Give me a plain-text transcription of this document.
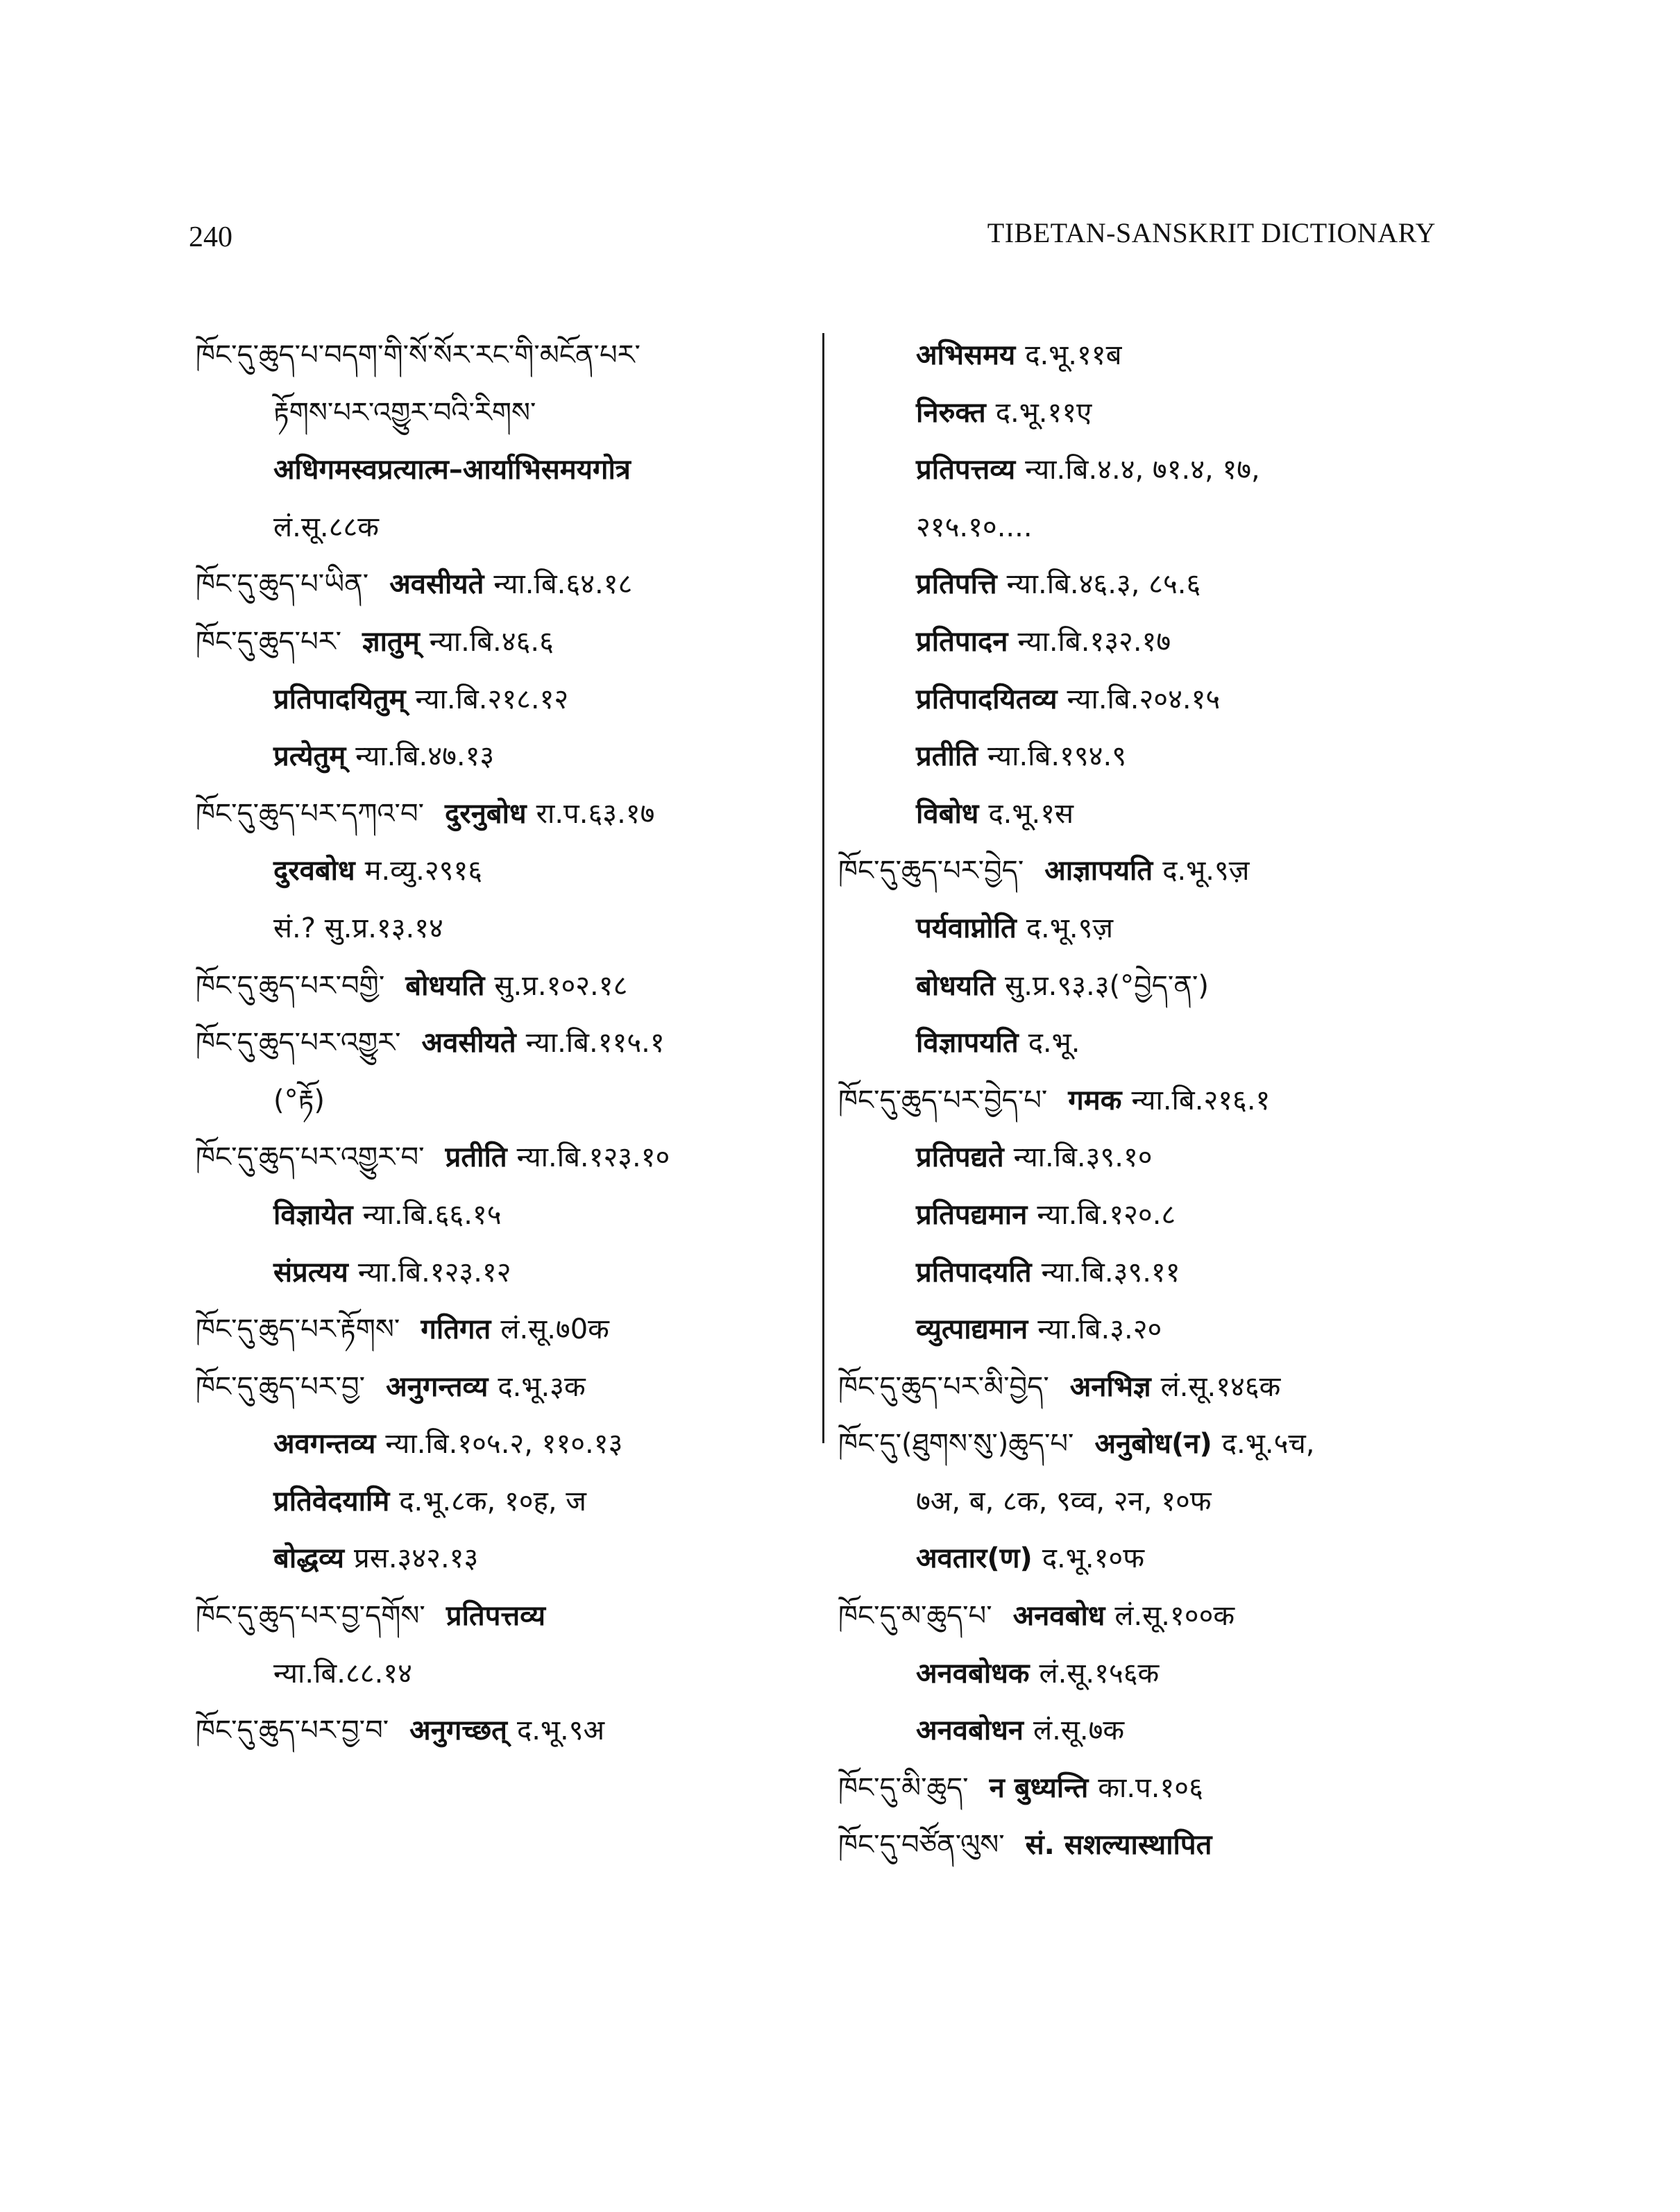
240	TIBETAN-SANSKRIT DICTIONARY
ཁོང་དུ་ཆུད་པ་བདག་གི་སོ་སོར་རང་གི་མངོན་པར་
རྟོགས་པར་འགྱུར་བའི་རིགས་
अधिगमस्वप्रत्यात्म–आर्याभिसमयगोत्र
लं.सू.८८क
ཁོང་དུ་ཆུད་པ་ཡིན་ अवसीयते न्या.बि.६४.१८
ཁོང་དུ་ཆུད་པར་ ज्ञातुम् न्या.बि.४६.६
प्रतिपादयितुम् न्या.बि.२१८.१२
प्रत्येतुम् न्या.बि.४७.१३
ཁོང་དུ་ཆུད་པར་དཀའ་བ་ दुरनुबोध रा.प.६३.१७
दुरवबोध म.व्यु.२९१६
सं.? सु.प्र.१३.१४
ཁོང་དུ་ཆུད་པར་བགྱི་ बोधयति सु.प्र.१०२.१८
ཁོང་དུ་ཆུད་པར་འགྱུར་ अवसीयते न्या.बि.११५.१
(°རྟོ)
ཁོང་དུ་ཆུད་པར་འགྱུར་བ་ प्रतीति न्या.बि.१२३.१०
विज्ञायेत न्या.बि.६६.१५
संप्रत्यय न्या.बि.१२३.१२
ཁོང་དུ་ཆུད་པར་རྟོགས་ गतिगत लं.सू.७0क
ཁོང་དུ་ཆུད་པར་བྱ་ अनुगन्तव्य द.भू.३क
अवगन्तव्य न्या.बि.१०५.२, ११०.१३
प्रतिवेदयामि द.भू.८क, १०ह, ज
बोद्धव्य प्रस.३४२.१३
ཁོང་དུ་ཆུད་པར་བྱ་དགོས་ प्रतिपत्तव्य
न्या.बि.८८.१४
ཁོང་དུ་ཆུད་པར་བྱ་བ་ अनुगच्छत् द.भू.९अ
अभिसमय द.भू.११ब
निरुक्त द.भू.११ए
प्रतिपत्तव्य न्या.बि.४.४, ७१.४, १७,
२१५.१०....
प्रतिपत्ति न्या.बि.४६.३, ८५.६
प्रतिपादन न्या.बि.१३२.१७
प्रतिपादयितव्य न्या.बि.२०४.१५
प्रतीति न्या.बि.१९४.९
विबोध द.भू.१स
ཁོང་དུ་ཆུད་པར་བྱེད་ आज्ञापयति द.भू.९ज़
पर्यवाप्नोति द.भू.९ज़
बोधयति सु.प्र.९३.३(°བྱེད་ན་)
विज्ञापयति द.भू.
ཁོང་དུ་ཆུད་པར་བྱེད་པ་ गमक न्या.बि.२१६.१
प्रतिपद्यते न्या.बि.३९.१०
प्रतिपद्यमान न्या.बि.१२०.८
प्रतिपादयति न्या.बि.३९.११
व्युत्पाद्यमान न्या.बि.३.२०
ཁོང་དུ་ཆུད་པར་མི་བྱེད་ अनभिज्ञ लं.सू.१४६क
ཁོང་དུ་(ཐུགས་སུ་)ཆུད་པ་ अनुबोध(न) द.भू.५च,
७अ, ब, ८क, ९व्व, २न, १०फ
अवतार(ण) द.भू.१०फ
ཁོང་དུ་མ་ཆུད་པ་ अनवबोध लं.सू.१००क
अनवबोधक लं.सू.१५६क
अनवबोधन लं.सू.७क
ཁོང་དུ་མི་ཆུད་ न बुध्यन्ति का.प.१०६
ཁོང་དུ་བཙོན་ལུས་ सं. सशल्यास्थापित
